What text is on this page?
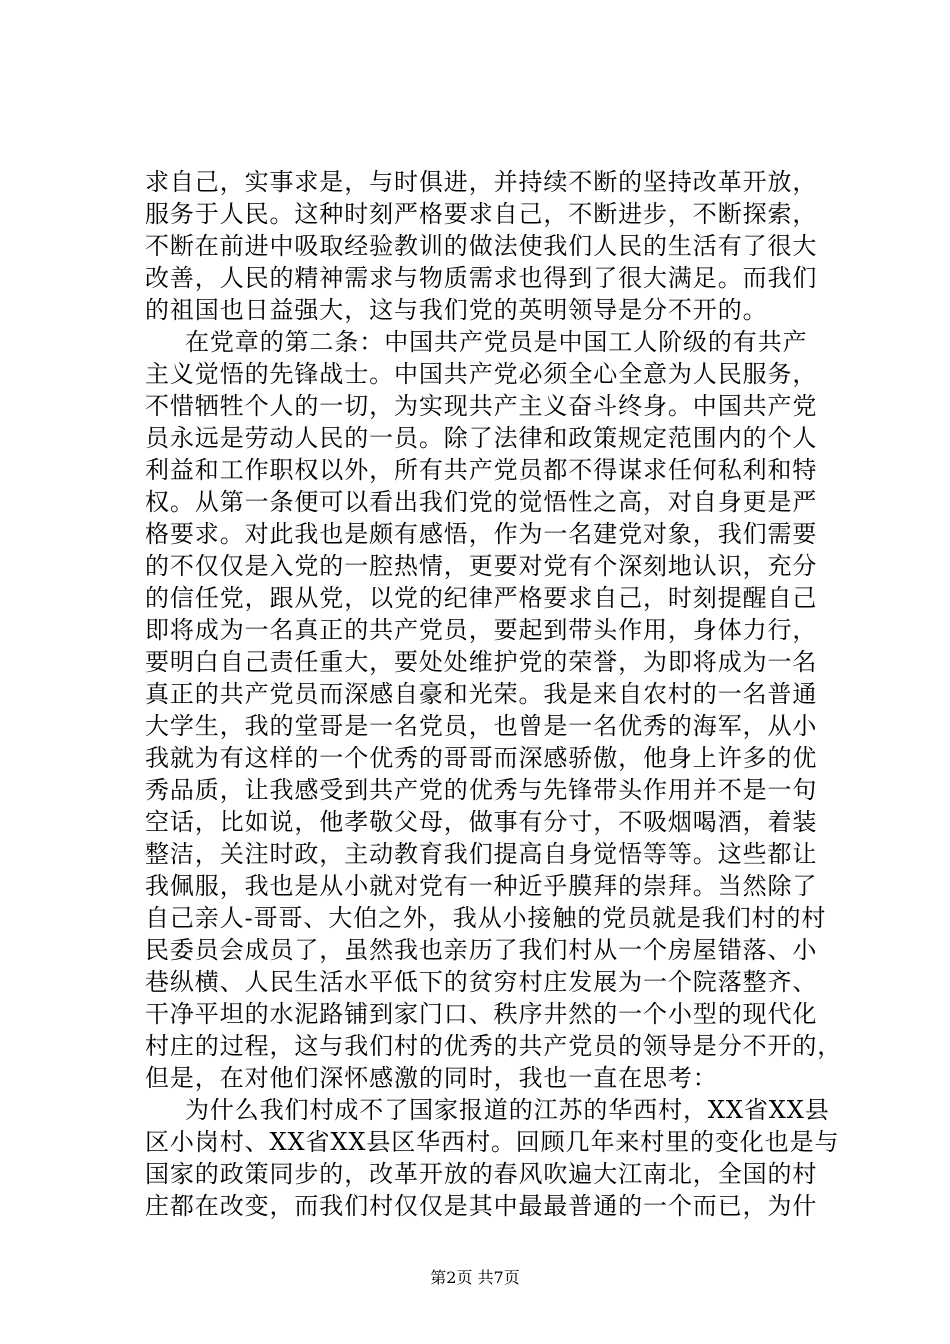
求自己，实事求是，与时俱进，并持续不断的坚持改革开放，
服务于人民。这种时刻严格要求自己，不断进步，不断探索，
不断在前进中吸取经验教训的做法使我们人民的生活有了很大
改善，人民的精神需求与物质需求也得到了很大满足。而我们
的祖国也日益强大，这与我们党的英明领导是分不开的。
在党章的第二条：中国共产党员是中国工人阶级的有共产
主义觉悟的先锋战士。中国共产党必须全心全意为人民服务，
不惜牺牲个人的一切，为实现共产主义奋斗终身。中国共产党
员永远是劳动人民的一员。除了法律和政策规定范围内的个人
利益和工作职权以外，所有共产党员都不得谋求任何私利和特
权。从第一条便可以看出我们党的觉悟性之高，对自身更是严
格要求。对此我也是颇有感悟，作为一名建党对象，我们需要
的不仅仅是入党的一腔热情，更要对党有个深刻地认识，充分
的信任党，跟从党，以党的纪律严格要求自己，时刻提醒自己
即将成为一名真正的共产党员，要起到带头作用，身体力行，
要明白自己责任重大，要处处维护党的荣誉，为即将成为一名
真正的共产党员而深感自豪和光荣。我是来自农村的一名普通
大学生，我的堂哥是一名党员，也曾是一名优秀的海军，从小
我就为有这样的一个优秀的哥哥而深感骄傲，他身上许多的优
秀品质，让我感受到共产党的优秀与先锋带头作用并不是一句
空话，比如说，他孝敬父母，做事有分寸，不吸烟喝酒，着装
整洁，关注时政，主动教育我们提高自身觉悟等等。这些都让
我佩服，我也是从小就对党有一种近乎膜拜的崇拜。当然除了
自己亲人-哥哥、大伯之外，我从小接触的党员就是我们村的村
民委员会成员了，虽然我也亲历了我们村从一个房屋错落、小
巷纵横、人民生活水平低下的贫穷村庄发展为一个院落整齐、
干净平坦的水泥路铺到家门口、秩序井然的一个小型的现代化
村庄的过程，这与我们村的优秀的共产党员的领导是分不开的，
但是，在对他们深怀感激的同时，我也一直在思考：
为什么我们村成不了国家报道的江苏的华西村，XX省XX县
区小岗村、XX省XX县区华西村。回顾几年来村里的变化也是与
国家的政策同步的，改革开放的春风吹遍大江南北，全国的村
庄都在改变，而我们村仅仅是其中最最普通的一个而已，为什
第2页 共7页
